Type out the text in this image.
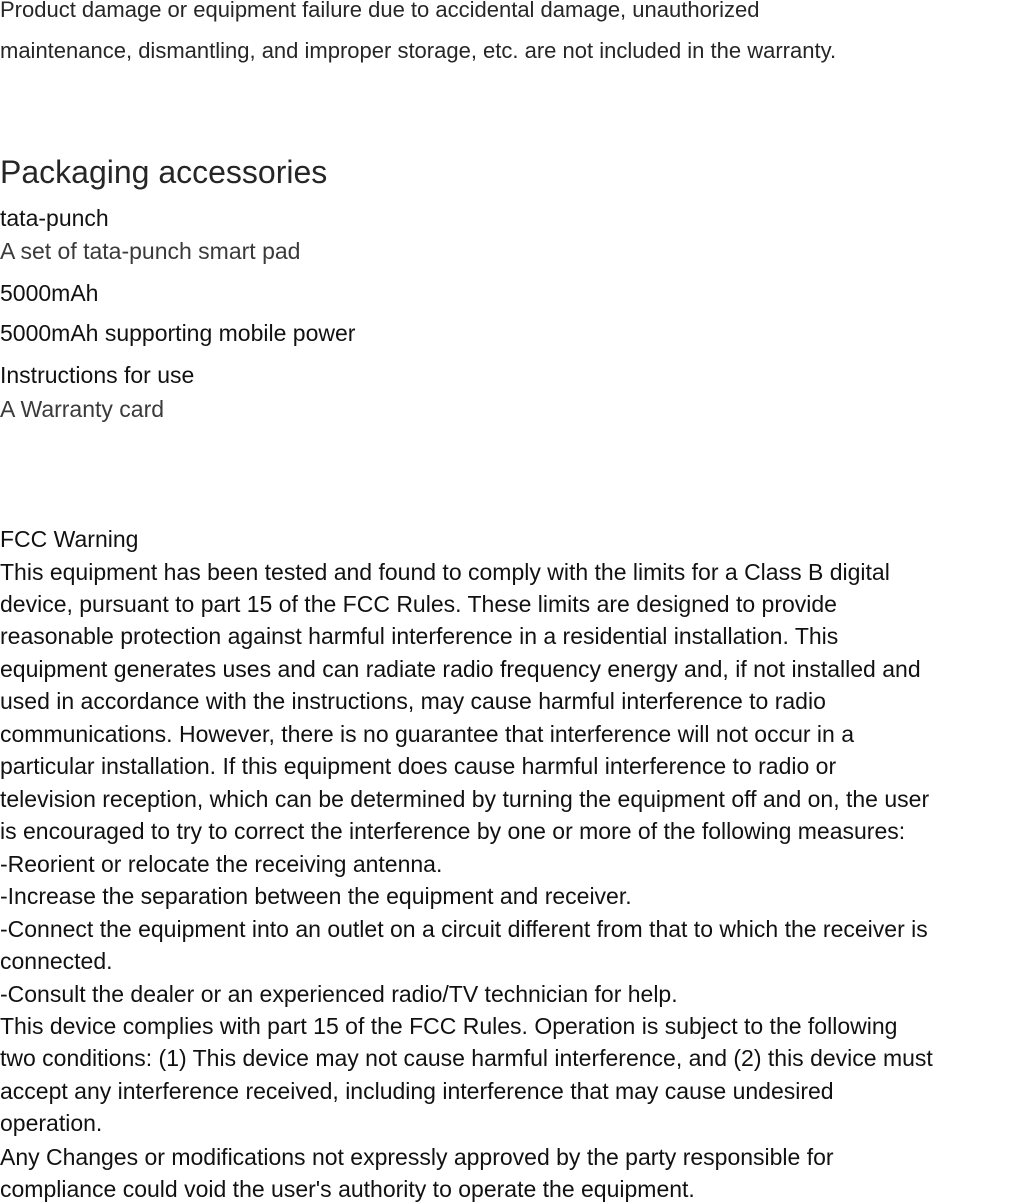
Product damage or equipment failure due to accidental damage, unauthorized

maintenance, dismantling, and improper storage, etc. are not included in the warranty.

Packaging accessories

tata-punch

A set of tata-punch smart pad

5000mAh

5000mAh supporting mobile power

Instructions for use

A Warranty card

FCC Warning

This equipment has been tested and found to comply with the limits for a Class B digital

device, pursuant to part 15 of the FCC Rules. These limits are designed to provide

reasonable protection against harmful interference in a residential installation. This

equipment generates uses and can radiate radio frequency energy and, if not installed and

used in accordance with the instructions, may cause harmful interference to radio

communications. However, there is no guarantee that interference will not occur in a

particular installation. If this equipment does cause harmful interference to radio or

television reception, which can be determined by turning the equipment off and on, the user

is encouraged to try to correct the interference by one or more of the following measures:

-Reorient or relocate the receiving antenna.

-Increase the separation between the equipment and receiver.

-Connect the equipment into an outlet on a circuit different from that to which the receiver is

connected.

-Consult the dealer or an experienced radio/TV technician for help.

This device complies with part 15 of the FCC Rules. Operation is subject to the following

two conditions: (1) This device may not cause harmful interference, and (2) this device must

accept any interference received, including interference that may cause undesired

operation.

Any Changes or modifications not expressly approved by the party responsible for

compliance could void the user's authority to operate the equipment.
